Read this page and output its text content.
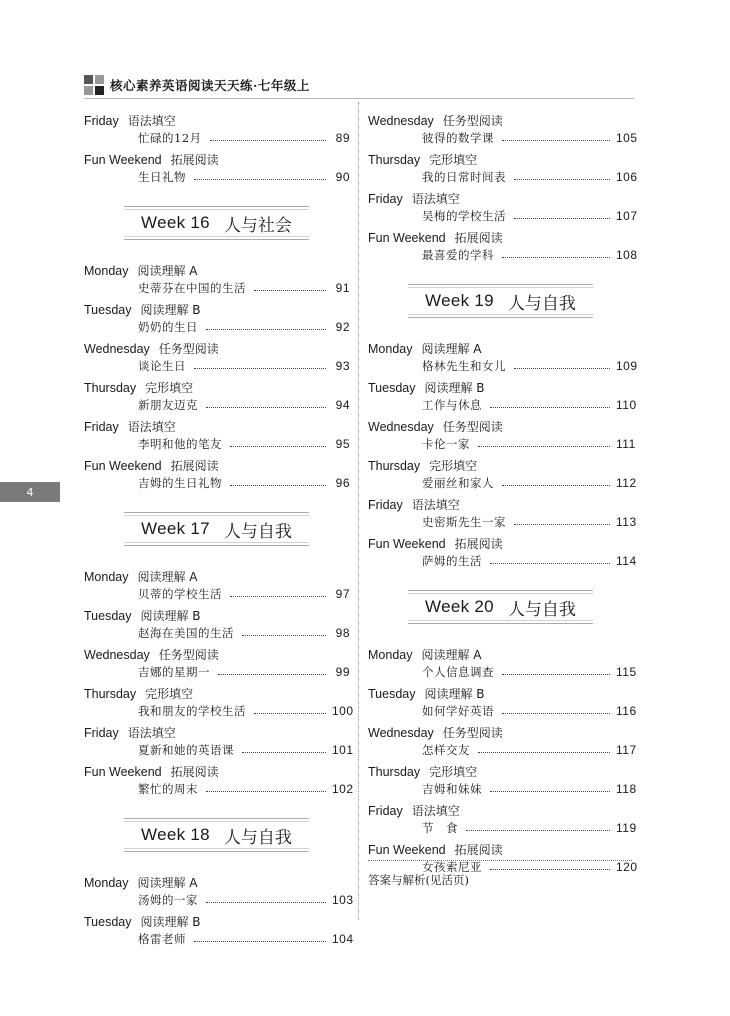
核心素养英语阅读天天练·七年级上
Friday 语法填空
忙碌的12月	89
Fun Weekend 拓展阅读
生日礼物	90
Week 16 人与社会
Monday 阅读理解 A
史蒂芬在中国的生活	91
Tuesday 阅读理解 B
奶奶的生日	92
Wednesday 任务型阅读
谈论生日	93
Thursday 完形填空
新朋友迈克	94
Friday 语法填空
李明和他的笔友	95
Fun Weekend 拓展阅读
吉姆的生日礼物	96
Week 17 人与自我
Monday 阅读理解 A
贝蒂的学校生活	97
Tuesday 阅读理解 B
赵海在美国的生活	98
Wednesday 任务型阅读
吉娜的星期一	99
Thursday 完形填空
我和朋友的学校生活	100
Friday 语法填空
夏新和她的英语课	101
Fun Weekend 拓展阅读
繁忙的周末	102
Week 18 人与自我
Monday 阅读理解 A
汤姆的一家	103
Tuesday 阅读理解 B
格雷老师	104
Wednesday 任务型阅读
彼得的数学课	105
Thursday 完形填空
我的日常时间表	106
Friday 语法填空
吴梅的学校生活	107
Fun Weekend 拓展阅读
最喜爱的学科	108
Week 19 人与自我
Monday 阅读理解 A
格林先生和女儿	109
Tuesday 阅读理解 B
工作与休息	110
Wednesday 任务型阅读
卡伦一家	111
Thursday 完形填空
爱丽丝和家人	112
Friday 语法填空
史密斯先生一家	113
Fun Weekend 拓展阅读
萨姆的生活	114
Week 20 人与自我
Monday 阅读理解 A
个人信息调查	115
Tuesday 阅读理解 B
如何学好英语	116
Wednesday 任务型阅读
怎样交友	117
Thursday 完形填空
吉姆和妹妹	118
Friday 语法填空
节　食	119
Fun Weekend 拓展阅读
女孩索尼亚	120
4
答案与解析(见活页)
